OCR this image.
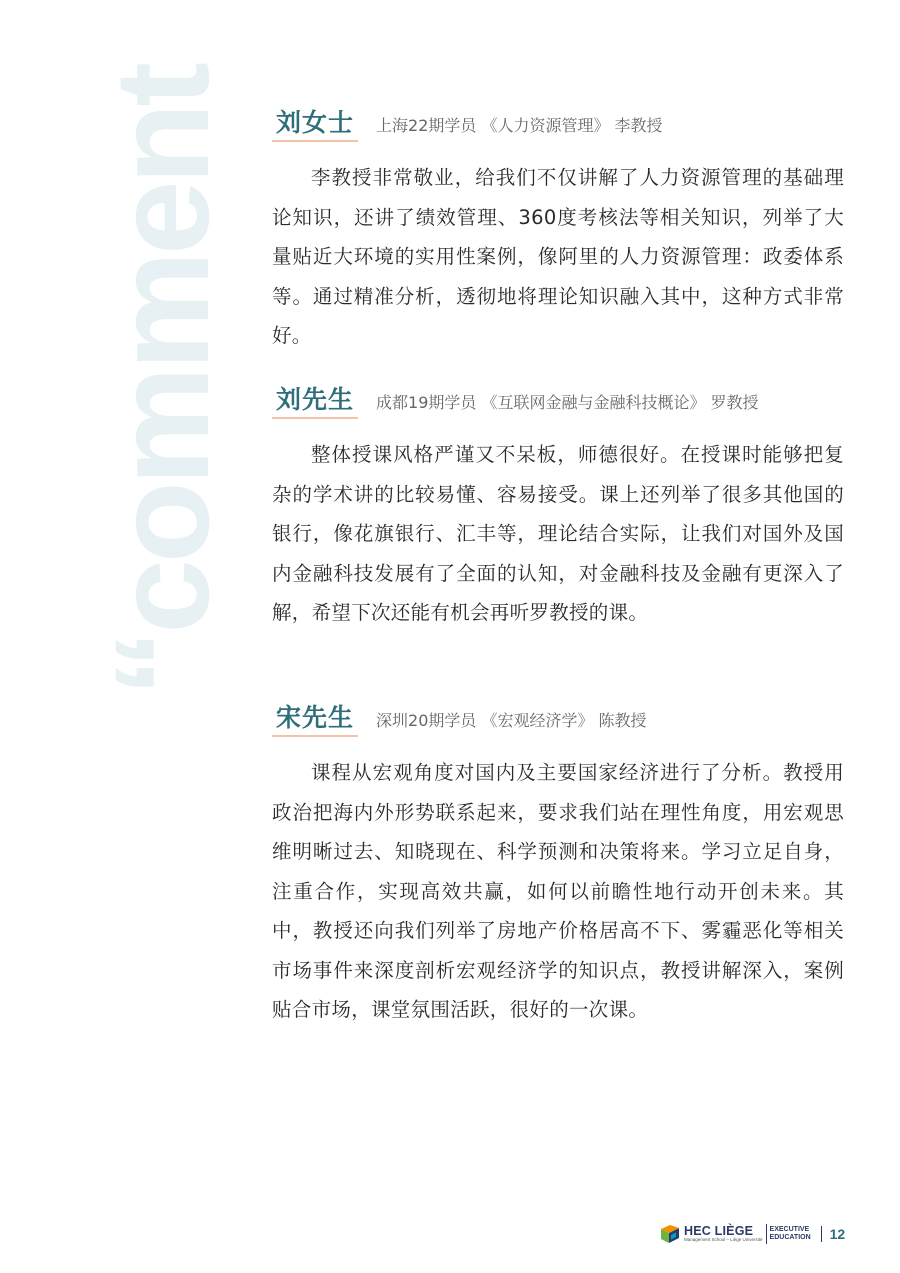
“comment 刘女士 上海22期学员 《人力资源管理》 李教授

李教授非常敬业，给我们不仅讲解了人力资源管理的基础理论知识，还讲了绩效管理、360度考核法等相关知识，列举了大量贴近大环境的实用性案例，像阿里的人力资源管理：政委体系等。通过精准分析，透彻地将理论知识融入其中，这种方式非常好。

刘先生 成都19期学员 《互联网金融与金融科技概论》 罗教授

整体授课风格严谨又不呆板，师德很好。在授课时能够把复杂的学术讲的比较易懂、容易接受。课上还列举了很多其他国的银行，像花旗银行、汇丰等，理论结合实际，让我们对国外及国内金融科技发展有了全面的认知，对金融科技及金融有更深入了解，希望下次还能有机会再听罗教授的课。

宋先生 深圳20期学员 《宏观经济学》 陈教授

课程从宏观角度对国内及主要国家经济进行了分析。教授用政治把海内外形势联系起来，要求我们站在理性角度，用宏观思维明晰过去、知晓现在、科学预测和决策将来。学习立足自身，注重合作，实现高效共赢，如何以前瞻性地行动开创未来。其中，教授还向我们列举了房地产价格居高不下、雾霾恶化等相关市场事件来深度剖析宏观经济学的知识点，教授讲解深入，案例贴合市场，课堂氛围活跃，很好的一次课。

HEC LIÈGE
Management School – Liège Université
EXECUTIVE
EDUCATION 12
